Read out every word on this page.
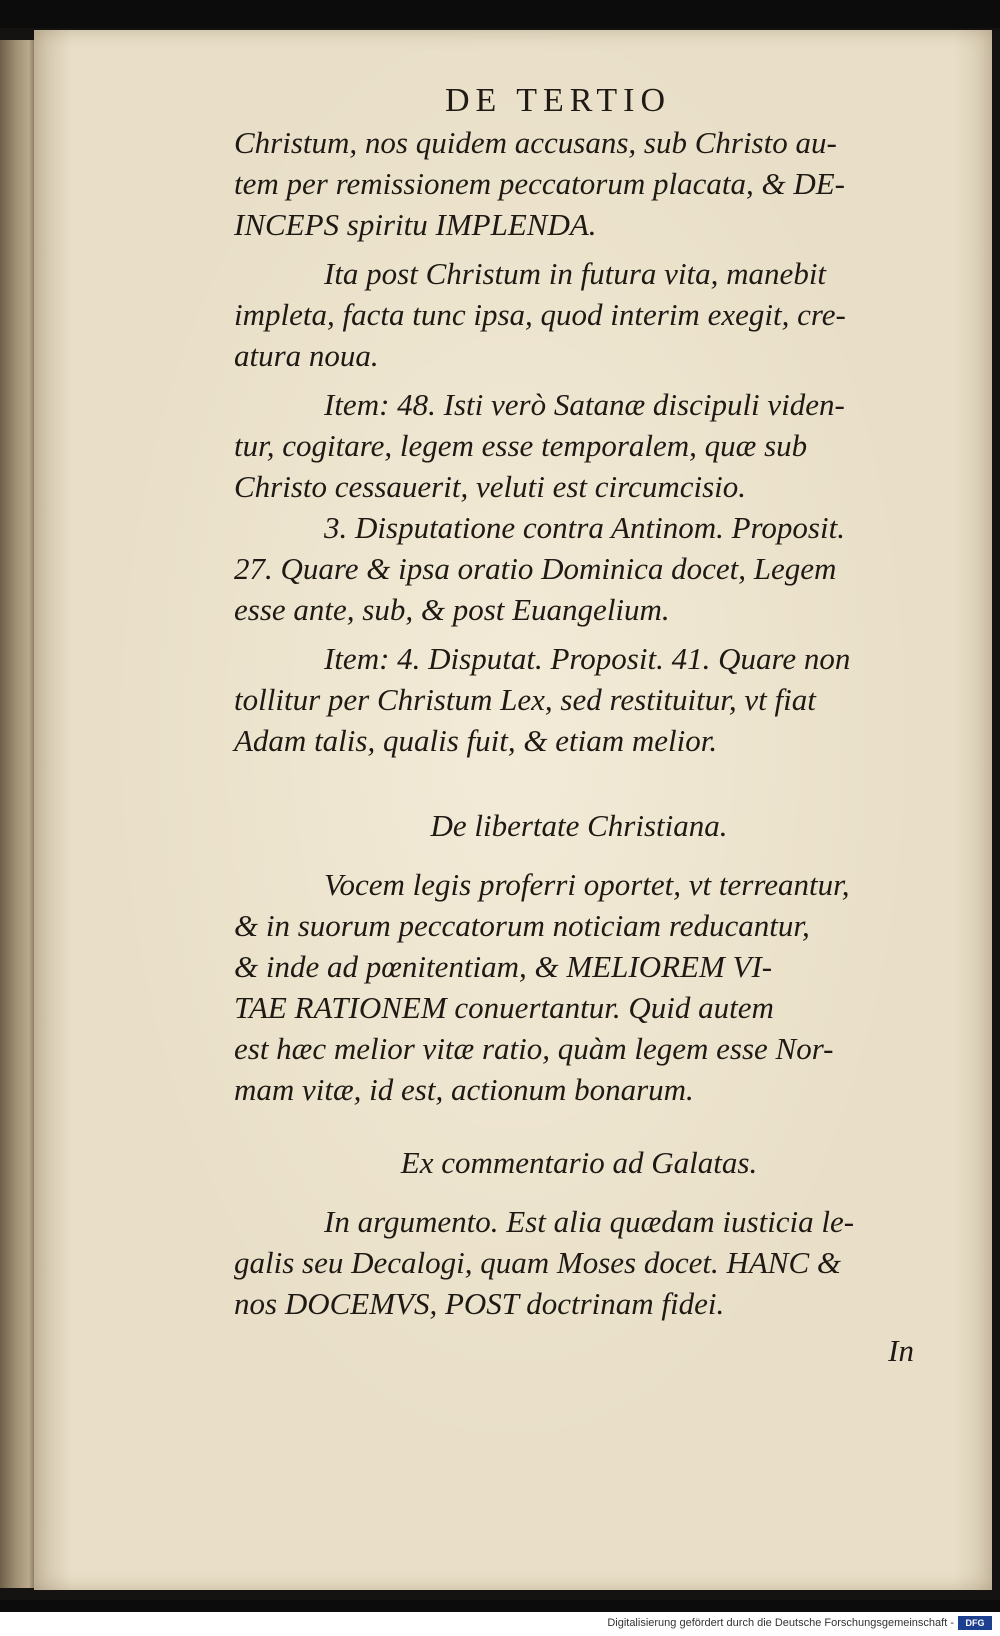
DE TERTIO

Christum, nos quidem accusans, sub Christo au-

tem per remissionem peccatorum placata, & DE-

INCEPS spiritu IMPLENDA.

Ita post Christum in futura vita, manebit

impleta, facta tunc ipsa, quod interim exegit, cre-

atura noua.

Item: 48. Isti verò Satanæ discipuli viden-

tur, cogitare, legem esse temporalem, quæ sub

Christo cessauerit, veluti est circumcisio.

3. Disputatione contra Antinom. Proposit.

27. Quare & ipsa oratio Dominica docet, Legem

esse ante, sub, & post Euangelium.

Item: 4. Disputat. Proposit. 41. Quare non

tollitur per Christum Lex, sed restituitur, vt fiat

Adam talis, qualis fuit, & etiam melior.

De libertate Christiana.

Vocem legis proferri oportet, vt terreantur,

& in suorum peccatorum noticiam reducantur,

& inde ad pœnitentiam, & MELIOREM VI-

TAE RATIONEM conuertantur. Quid autem

est hæc melior vitæ ratio, quàm legem esse Nor-

mam vitæ, id est, actionum bonarum.

Ex commentario ad Galatas.

In argumento. Est alia quædam iusticia le-

galis seu Decalogi, quam Moses docet. HANC &

nos DOCEMVS, POST doctrinam fidei.

In

Digitalisierung gefördert durch die Deutsche Forschungsgemeinschaft -	DFG
